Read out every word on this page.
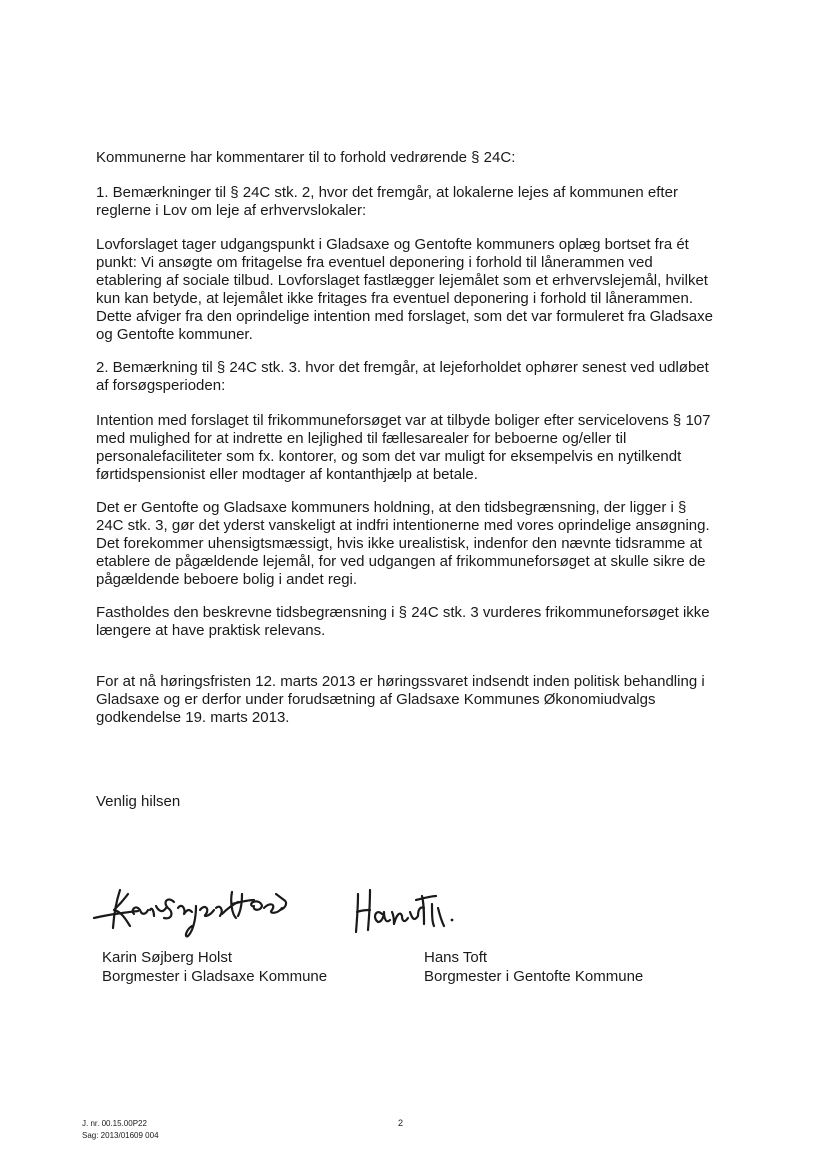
Kommunerne har kommentarer til to forhold vedrørende § 24C:
1. Bemærkninger til § 24C stk. 2, hvor det fremgår, at lokalerne lejes af kommunen efter
reglerne i Lov om leje af erhvervslokaler:
Lovforslaget tager udgangspunkt i Gladsaxe og Gentofte kommuners oplæg bortset fra ét
punkt: Vi ansøgte om fritagelse fra eventuel deponering i forhold til lånerammen ved
etablering af sociale tilbud. Lovforslaget fastlægger lejemålet som et erhvervslejemål, hvilket
kun kan betyde, at lejemålet ikke fritages fra eventuel deponering i forhold til lånerammen.
Dette afviger fra den oprindelige intention med forslaget, som det var formuleret fra Gladsaxe
og Gentofte kommuner.
2. Bemærkning til § 24C stk. 3. hvor det fremgår, at lejeforholdet ophører senest ved udløbet
af forsøgsperioden:
Intention med forslaget til frikommuneforsøget var at tilbyde boliger efter servicelovens § 107
med mulighed for at indrette en lejlighed til fællesarealer for beboerne og/eller til
personalefaciliteter som fx. kontorer, og som det var muligt for eksempelvis en nytilkendt
førtidspensionist eller modtager af kontanthjælp at betale.
Det er Gentofte og Gladsaxe kommuners holdning, at den tidsbegrænsning, der ligger i §
24C stk. 3, gør det yderst vanskeligt at indfri intentionerne med vores oprindelige ansøgning.
Det forekommer uhensigtsmæssigt, hvis ikke urealistisk, indenfor den nævnte tidsramme at
etablere de pågældende lejemål, for ved udgangen af frikommuneforsøget at skulle sikre de
pågældende beboere bolig i andet regi.
Fastholdes den beskrevne tidsbegrænsning i § 24C stk. 3 vurderes frikommuneforsøget ikke
længere at have praktisk relevans.
For at nå høringsfristen 12. marts 2013 er høringssvaret indsendt inden politisk behandling i
Gladsaxe og er derfor under forudsætning af Gladsaxe Kommunes Økonomiudvalgs
godkendelse 19. marts 2013.
Venlig hilsen
Karin Søjberg Holst
Borgmester i Gladsaxe Kommune
Hans Toft
Borgmester i Gentofte Kommune
J. nr. 00.15.00P22
Sag: 2013/01609 004
2
